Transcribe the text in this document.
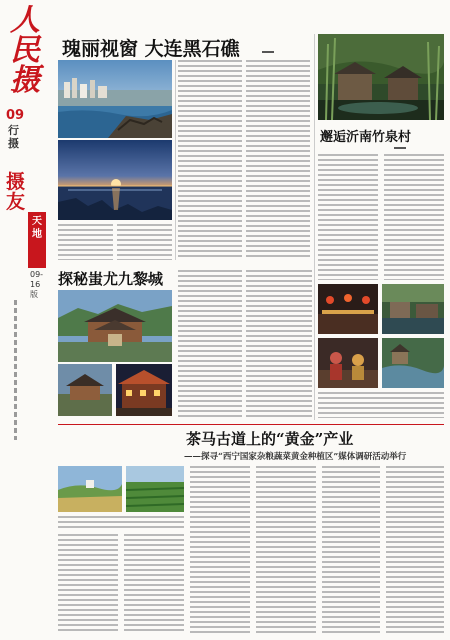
人
民
摄
09
行摄
摄友
天地
09-16版
瑰丽视窗 大连黑石礁
邂逅沂南竹泉村
探秘蚩尤九黎城
茶马古道上的“黄金”产业
——探寻“西宁国家杂粮蔬菜黄金种植区”媒体调研活动举行
